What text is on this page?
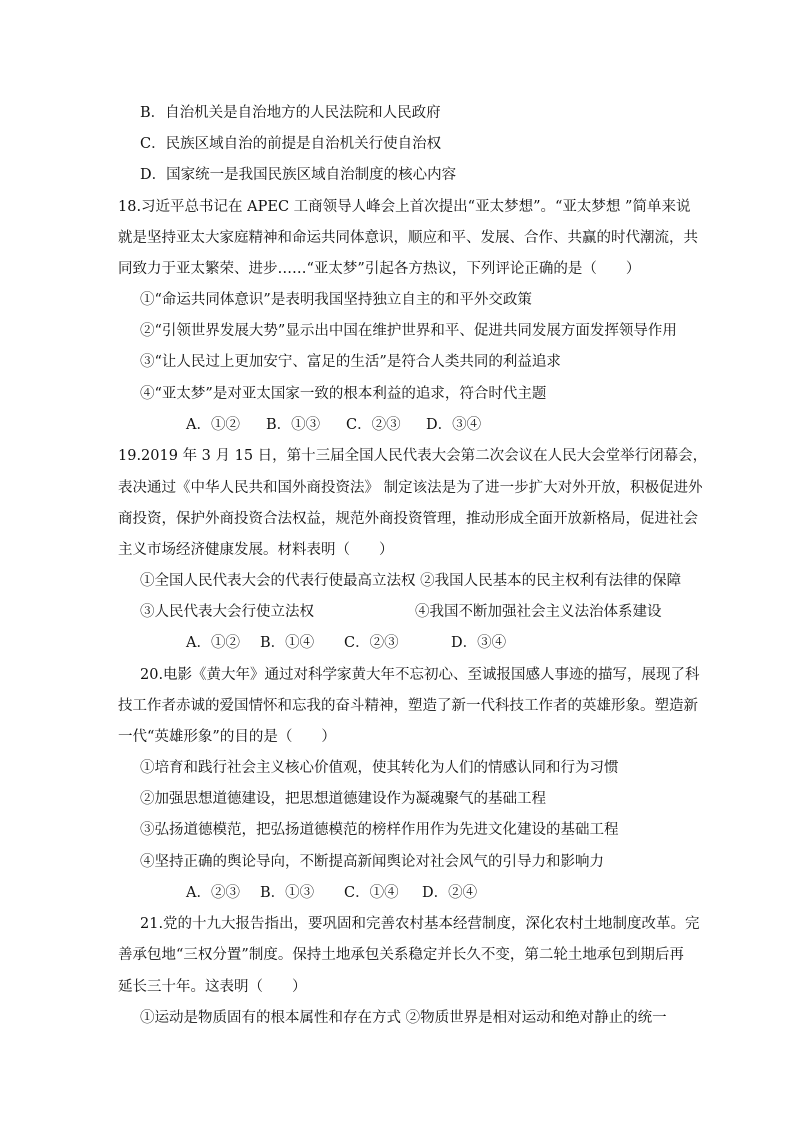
B．自治机关是自治地方的人民法院和人民政府
C．民族区域自治的前提是自治机关行使自治权
D．国家统一是我国民族区域自治制度的核心内容
18.习近平总书记在 APEC 工商领导人峰会上首次提出“亚太梦想”。“亚太梦想 ”简单来说
就是坚持亚太大家庭精神和命运共同体意识，顺应和平、发展、合作、共赢的时代潮流，共
同致力于亚太繁荣、进步……“亚太梦”引起各方热议，下列评论正确的是（　　）
①“命运共同体意识”是表明我国坚持独立自主的和平外交政策
②“引领世界发展大势”显示出中国在维护世界和平、促进共同发展方面发挥领导作用
③“让人民过上更加安宁、富足的生活”是符合人类共同的利益追求
④“亚太梦”是对亚太国家一致的根本利益的追求，符合时代主题
A．①② B．①③ C．②③ D．③④
19.2019 年 3 月 15 日，第十三届全国人民代表大会第二次会议在人民大会堂举行闭幕会，
表决通过《中华人民共和国外商投资法》 制定该法是为了进一步扩大对外开放，积极促进外
商投资，保护外商投资合法权益，规范外商投资管理，推动形成全面开放新格局，促进社会
主义市场经济健康发展。材料表明（　　）
①全国人民代表大会的代表行使最高立法权 ②我国人民基本的民主权利有法律的保障
③人民代表大会行使立法权	④我国不断加强社会主义法治体系建设
A．①② B．①④ C．②③	D．③④
20.电影《黄大年》通过对科学家黄大年不忘初心、至诚报国感人事迹的描写，展现了科
技工作者赤诚的爱国情怀和忘我的奋斗精神，塑造了新一代科技工作者的英雄形象。塑造新
一代“英雄形象”的目的是（　　）
①培育和践行社会主义核心价值观，使其转化为人们的情感认同和行为习惯
②加强思想道德建设，把思想道德建设作为凝魂聚气的基础工程
③弘扬道德模范，把弘扬道德模范的榜样作用作为先进文化建设的基础工程
④坚持正确的舆论导向，不断提高新闻舆论对社会风气的引导力和影响力
A．②③ B．①③ C．①④ D．②④
21.党的十九大报告指出，要巩固和完善农村基本经营制度，深化农村土地制度改革。完
善承包地“三权分置”制度。保持土地承包关系稳定并长久不变，第二轮土地承包到期后再
延长三十年。这表明（　　）
①运动是物质固有的根本属性和存在方式 ②物质世界是相对运动和绝对静止的统一
